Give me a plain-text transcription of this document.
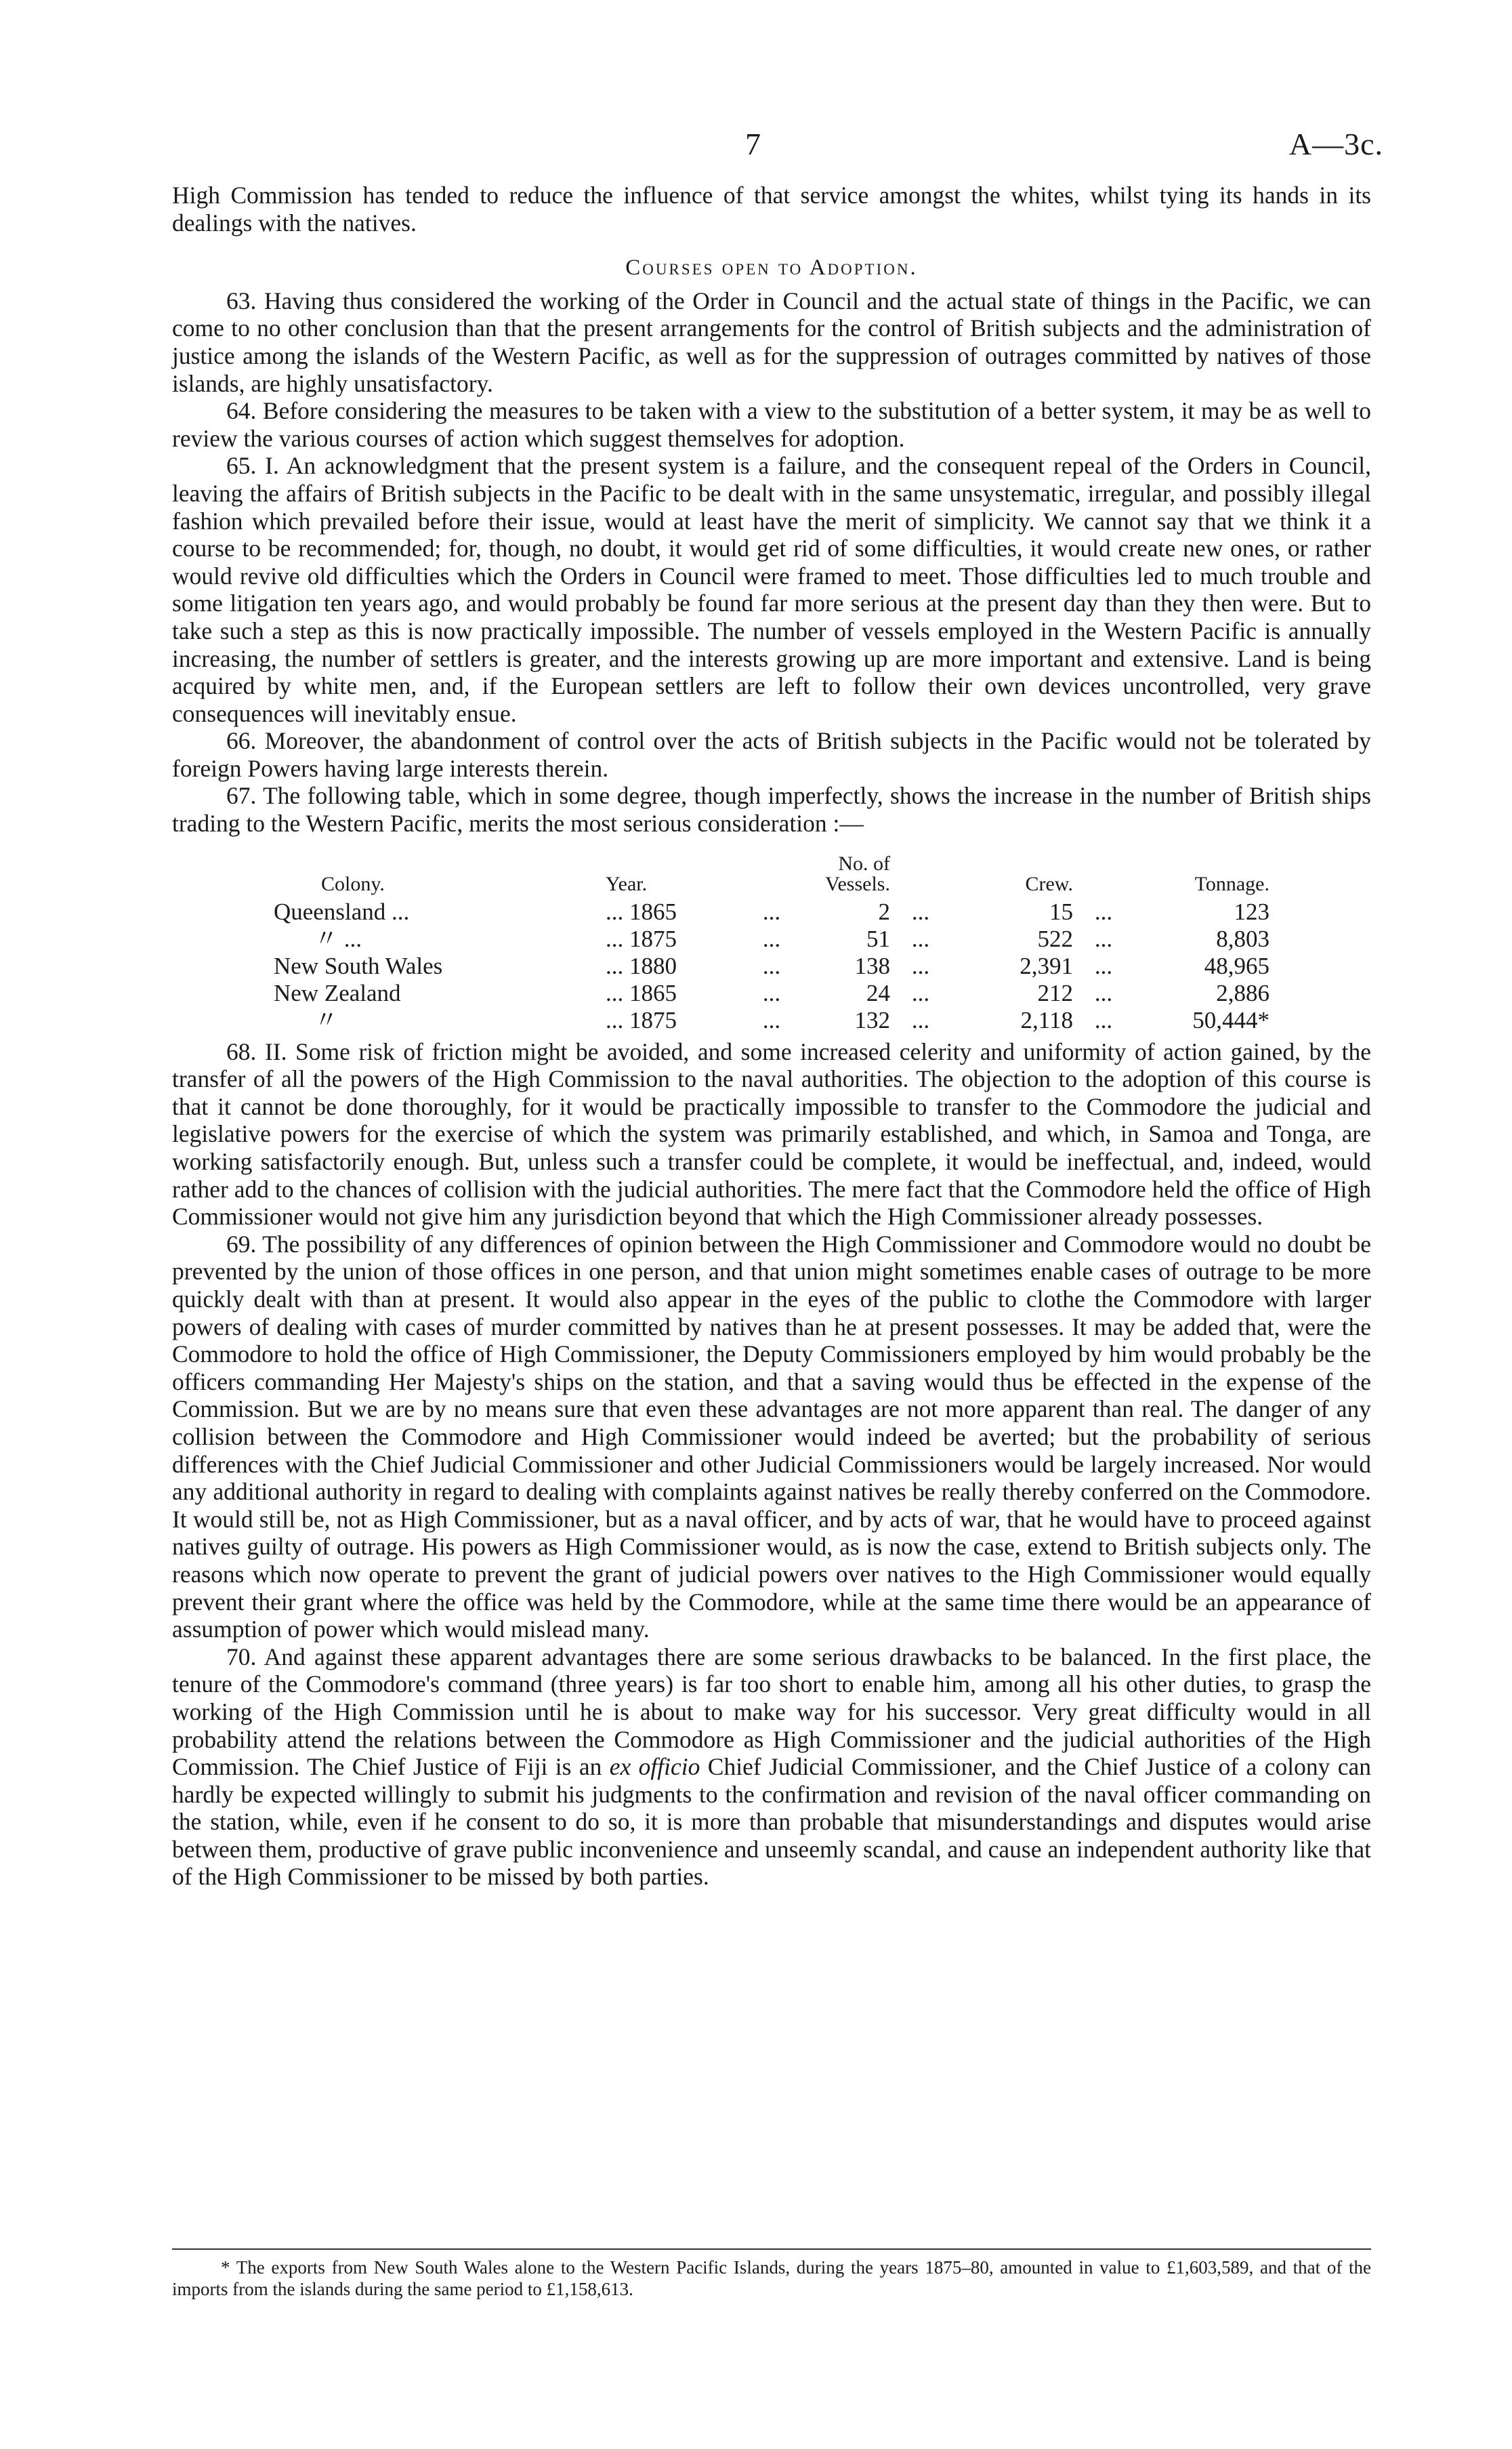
7	A—3c.

High Commission has tended to reduce the influence of that service amongst the whites, whilst tying its hands in its dealings with the natives.

Courses open to Adoption.

63. Having thus considered the working of the Order in Council and the actual state of things in the Pacific, we can come to no other conclusion than that the present arrangements for the control of British subjects and the administration of justice among the islands of the Western Pacific, as well as for the suppression of outrages committed by natives of those islands, are highly unsatisfactory.

64. Before considering the measures to be taken with a view to the substitution of a better system, it may be as well to review the various courses of action which suggest themselves for adoption.

65. I. An acknowledgment that the present system is a failure, and the consequent repeal of the Orders in Council, leaving the affairs of British subjects in the Pacific to be dealt with in the same unsystematic, irregular, and possibly illegal fashion which prevailed before their issue, would at least have the merit of simplicity. We cannot say that we think it a course to be recommended; for, though, no doubt, it would get rid of some difficulties, it would create new ones, or rather would revive old difficulties which the Orders in Council were framed to meet. Those difficulties led to much trouble and some litigation ten years ago, and would probably be found far more serious at the present day than they then were. But to take such a step as this is now practically impossible. The number of vessels employed in the Western Pacific is annually increasing, the number of settlers is greater, and the interests growing up are more important and extensive. Land is being acquired by white men, and, if the European settlers are left to follow their own devices uncontrolled, very grave consequences will inevitably ensue.

66. Moreover, the abandonment of control over the acts of British subjects in the Pacific would not be tolerated by foreign Powers having large interests therein.

67. The following table, which in some degree, though imperfectly, shows the increase in the number of British ships trading to the Western Pacific, merits the most serious consideration :—

Colony.	Year.		No. of Vessels.		Crew.		Tonnage.
Queensland ...	... 1865	...	2	...	15	...	123
〃 ...	... 1875	...	51	...	522	...	8,803
New South Wales	... 1880	...	138	...	2,391	...	48,965
New Zealand	... 1865	...	24	...	212	...	2,886
〃	... 1875	...	132	...	2,118	...	50,444*

68. II. Some risk of friction might be avoided, and some increased celerity and uniformity of action gained, by the transfer of all the powers of the High Commission to the naval authorities. The objection to the adoption of this course is that it cannot be done thoroughly, for it would be practically impossible to transfer to the Commodore the judicial and legislative powers for the exercise of which the system was primarily established, and which, in Samoa and Tonga, are working satisfactorily enough. But, unless such a transfer could be complete, it would be ineffectual, and, indeed, would rather add to the chances of collision with the judicial authorities. The mere fact that the Commodore held the office of High Commissioner would not give him any jurisdiction beyond that which the High Commissioner already possesses.

69. The possibility of any differences of opinion between the High Commissioner and Commodore would no doubt be prevented by the union of those offices in one person, and that union might sometimes enable cases of outrage to be more quickly dealt with than at present. It would also appear in the eyes of the public to clothe the Commodore with larger powers of dealing with cases of murder committed by natives than he at present possesses. It may be added that, were the Commodore to hold the office of High Commissioner, the Deputy Commissioners employed by him would probably be the officers commanding Her Majesty's ships on the station, and that a saving would thus be effected in the expense of the Commission. But we are by no means sure that even these advantages are not more apparent than real. The danger of any collision between the Commodore and High Commissioner would indeed be averted; but the probability of serious differences with the Chief Judicial Commissioner and other Judicial Commissioners would be largely increased. Nor would any additional authority in regard to dealing with complaints against natives be really thereby conferred on the Commodore. It would still be, not as High Commissioner, but as a naval officer, and by acts of war, that he would have to proceed against natives guilty of outrage. His powers as High Commissioner would, as is now the case, extend to British subjects only. The reasons which now operate to prevent the grant of judicial powers over natives to the High Commissioner would equally prevent their grant where the office was held by the Commodore, while at the same time there would be an appearance of assumption of power which would mislead many.

70. And against these apparent advantages there are some serious drawbacks to be balanced. In the first place, the tenure of the Commodore's command (three years) is far too short to enable him, among all his other duties, to grasp the working of the High Commission until he is about to make way for his successor. Very great difficulty would in all probability attend the relations between the Commodore as High Commissioner and the judicial authorities of the High Commission. The Chief Justice of Fiji is an ex officio Chief Judicial Commissioner, and the Chief Justice of a colony can hardly be expected willingly to submit his judgments to the confirmation and revision of the naval officer commanding on the station, while, even if he consent to do so, it is more than probable that misunderstandings and disputes would arise between them, productive of grave public inconvenience and unseemly scandal, and cause an independent authority like that of the High Commissioner to be missed by both parties.

* The exports from New South Wales alone to the Western Pacific Islands, during the years 1875–80, amounted in value to £1,603,589, and that of the imports from the islands during the same period to £1,158,613.
